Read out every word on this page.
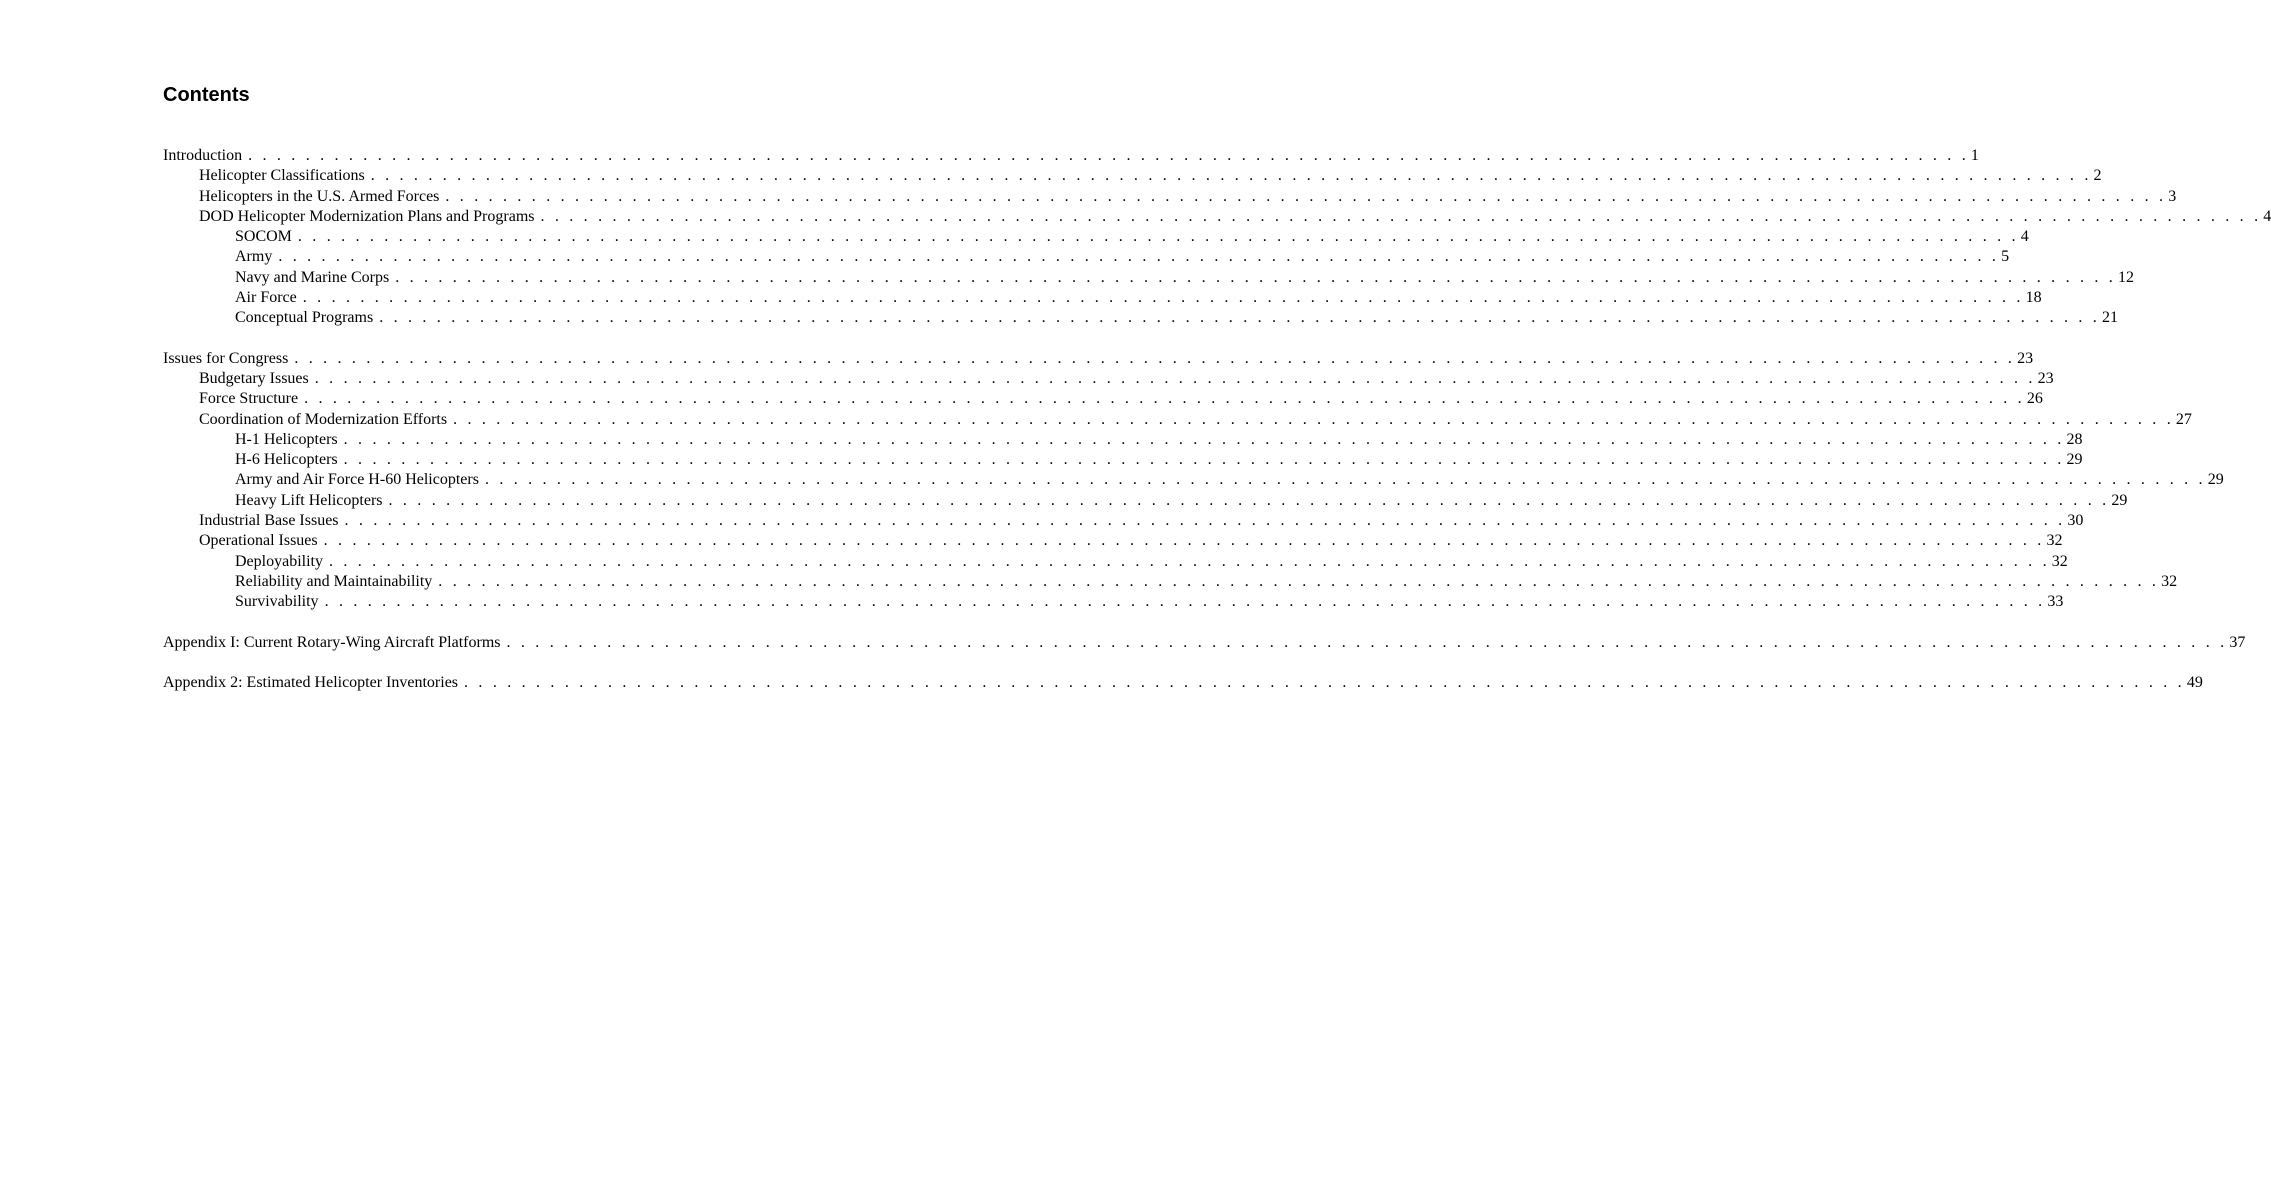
Contents
Introduction . . . . . . . . . . . . . . . . . . . . . . . . . . . . . . . . . . . . . . . . . . . . . . . . . . . . . . . . . . . . . . . . . . . . . . . . . . . . . . . . . . . . . . . . . . . . . . . . . . . . . . . . . . . . . . . . . . . . . . . . 1
Helicopter Classifications . . . . . . . . . . . . . . . . . . . . . . . . . . . . . . . . . . . . . . . . . . . . . . . . . . . . . . . . . . . . . . . . . . . . . . . . . . . . . . . . . . . . . . . . . . . . . . . . . . . . . . . . . . . . . . . . . . . . . . . . 2
Helicopters in the U.S. Armed Forces . . . . . . . . . . . . . . . . . . . . . . . . . . . . . . . . . . . . . . . . . . . . . . . . . . . . . . . . . . . . . . . . . . . . . . . . . . . . . . . . . . . . . . . . . . . . . . . . . . . . . . . . . . . . . . . . . . . . . . . . 3
DOD Helicopter Modernization Plans and Programs . . . . . . . . . . . . . . . . . . . . . . . . . . . . . . . . . . . . . . . . . . . . . . . . . . . . . . . . . . . . . . . . . . . . . . . . . . . . . . . . . . . . . . . . . . . . . . . . . . . . . . . . . . . . . . . . . . . . . . . . 4
SOCOM . . . . . . . . . . . . . . . . . . . . . . . . . . . . . . . . . . . . . . . . . . . . . . . . . . . . . . . . . . . . . . . . . . . . . . . . . . . . . . . . . . . . . . . . . . . . . . . . . . . . . . . . . . . . . . . . . . . . . . . . 4
Army . . . . . . . . . . . . . . . . . . . . . . . . . . . . . . . . . . . . . . . . . . . . . . . . . . . . . . . . . . . . . . . . . . . . . . . . . . . . . . . . . . . . . . . . . . . . . . . . . . . . . . . . . . . . . . . . . . . . . . . . 5
Navy and Marine Corps . . . . . . . . . . . . . . . . . . . . . . . . . . . . . . . . . . . . . . . . . . . . . . . . . . . . . . . . . . . . . . . . . . . . . . . . . . . . . . . . . . . . . . . . . . . . . . . . . . . . . . . . . . . . . . . . . . . . . . . . 12
Air Force . . . . . . . . . . . . . . . . . . . . . . . . . . . . . . . . . . . . . . . . . . . . . . . . . . . . . . . . . . . . . . . . . . . . . . . . . . . . . . . . . . . . . . . . . . . . . . . . . . . . . . . . . . . . . . . . . . . . . . . . 18
Conceptual Programs . . . . . . . . . . . . . . . . . . . . . . . . . . . . . . . . . . . . . . . . . . . . . . . . . . . . . . . . . . . . . . . . . . . . . . . . . . . . . . . . . . . . . . . . . . . . . . . . . . . . . . . . . . . . . . . . . . . . . . . . 21
Issues for Congress . . . . . . . . . . . . . . . . . . . . . . . . . . . . . . . . . . . . . . . . . . . . . . . . . . . . . . . . . . . . . . . . . . . . . . . . . . . . . . . . . . . . . . . . . . . . . . . . . . . . . . . . . . . . . . . . . . . . . . . . 23
Budgetary Issues . . . . . . . . . . . . . . . . . . . . . . . . . . . . . . . . . . . . . . . . . . . . . . . . . . . . . . . . . . . . . . . . . . . . . . . . . . . . . . . . . . . . . . . . . . . . . . . . . . . . . . . . . . . . . . . . . . . . . . . . 23
Force Structure . . . . . . . . . . . . . . . . . . . . . . . . . . . . . . . . . . . . . . . . . . . . . . . . . . . . . . . . . . . . . . . . . . . . . . . . . . . . . . . . . . . . . . . . . . . . . . . . . . . . . . . . . . . . . . . . . . . . . . . . 26
Coordination of Modernization Efforts . . . . . . . . . . . . . . . . . . . . . . . . . . . . . . . . . . . . . . . . . . . . . . . . . . . . . . . . . . . . . . . . . . . . . . . . . . . . . . . . . . . . . . . . . . . . . . . . . . . . . . . . . . . . . . . . . . . . . . . . 27
H-1 Helicopters . . . . . . . . . . . . . . . . . . . . . . . . . . . . . . . . . . . . . . . . . . . . . . . . . . . . . . . . . . . . . . . . . . . . . . . . . . . . . . . . . . . . . . . . . . . . . . . . . . . . . . . . . . . . . . . . . . . . . . . . 28
H-6 Helicopters . . . . . . . . . . . . . . . . . . . . . . . . . . . . . . . . . . . . . . . . . . . . . . . . . . . . . . . . . . . . . . . . . . . . . . . . . . . . . . . . . . . . . . . . . . . . . . . . . . . . . . . . . . . . . . . . . . . . . . . . 29
Army and Air Force H-60 Helicopters . . . . . . . . . . . . . . . . . . . . . . . . . . . . . . . . . . . . . . . . . . . . . . . . . . . . . . . . . . . . . . . . . . . . . . . . . . . . . . . . . . . . . . . . . . . . . . . . . . . . . . . . . . . . . . . . . . . . . . . . 29
Heavy Lift Helicopters . . . . . . . . . . . . . . . . . . . . . . . . . . . . . . . . . . . . . . . . . . . . . . . . . . . . . . . . . . . . . . . . . . . . . . . . . . . . . . . . . . . . . . . . . . . . . . . . . . . . . . . . . . . . . . . . . . . . . . . . 29
Industrial Base Issues . . . . . . . . . . . . . . . . . . . . . . . . . . . . . . . . . . . . . . . . . . . . . . . . . . . . . . . . . . . . . . . . . . . . . . . . . . . . . . . . . . . . . . . . . . . . . . . . . . . . . . . . . . . . . . . . . . . . . . . . 30
Operational Issues . . . . . . . . . . . . . . . . . . . . . . . . . . . . . . . . . . . . . . . . . . . . . . . . . . . . . . . . . . . . . . . . . . . . . . . . . . . . . . . . . . . . . . . . . . . . . . . . . . . . . . . . . . . . . . . . . . . . . . . . 32
Deployability . . . . . . . . . . . . . . . . . . . . . . . . . . . . . . . . . . . . . . . . . . . . . . . . . . . . . . . . . . . . . . . . . . . . . . . . . . . . . . . . . . . . . . . . . . . . . . . . . . . . . . . . . . . . . . . . . . . . . . . . 32
Reliability and Maintainability . . . . . . . . . . . . . . . . . . . . . . . . . . . . . . . . . . . . . . . . . . . . . . . . . . . . . . . . . . . . . . . . . . . . . . . . . . . . . . . . . . . . . . . . . . . . . . . . . . . . . . . . . . . . . . . . . . . . . . . . 32
Survivability . . . . . . . . . . . . . . . . . . . . . . . . . . . . . . . . . . . . . . . . . . . . . . . . . . . . . . . . . . . . . . . . . . . . . . . . . . . . . . . . . . . . . . . . . . . . . . . . . . . . . . . . . . . . . . . . . . . . . . . . 33
Appendix I: Current Rotary-Wing Aircraft Platforms . . . . . . . . . . . . . . . . . . . . . . . . . . . . . . . . . . . . . . . . . . . . . . . . . . . . . . . . . . . . . . . . . . . . . . . . . . . . . . . . . . . . . . . . . . . . . . . . . . . . . . . . . . . . . . . . . . . . . . . . 37
Appendix 2: Estimated Helicopter Inventories . . . . . . . . . . . . . . . . . . . . . . . . . . . . . . . . . . . . . . . . . . . . . . . . . . . . . . . . . . . . . . . . . . . . . . . . . . . . . . . . . . . . . . . . . . . . . . . . . . . . . . . . . . . . . . . . . . . . . . . . 49
